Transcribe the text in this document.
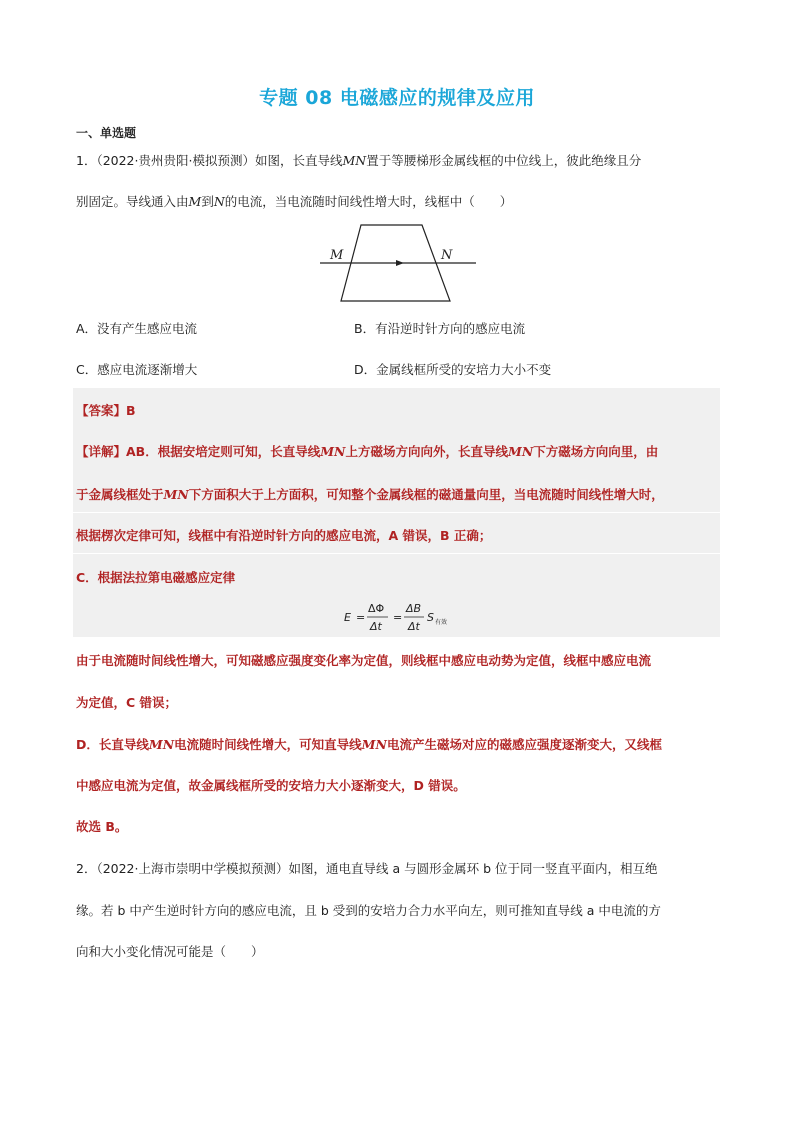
专题 08 电磁感应的规律及应用
一、单选题
1．（2022·贵州贵阳·模拟预测）如图，长直导线MN置于等腰梯形金属线框的中位线上，彼此绝缘且分
别固定。导线通入由M到N的电流，当电流随时间线性增大时，线框中（　　）
M	N
A．没有产生感应电流	B．有沿逆时针方向的感应电流
C．感应电流逐渐增大	D．金属线框所受的安培力大小不变
【答案】B
【详解】AB．根据安培定则可知，长直导线MN上方磁场方向向外，长直导线MN下方磁场方向向里，由
于金属线框处于MN下方面积大于上方面积，可知整个金属线框的磁通量向里，当电流随时间线性增大时，
根据楞次定律可知，线框中有沿逆时针方向的感应电流，A 错误，B 正确；
C．根据法拉第电磁感应定律
E =
ΔΦ
Δt
=
ΔB
Δt
S 有效
由于电流随时间线性增大，可知磁感应强度变化率为定值，则线框中感应电动势为定值，线框中感应电流
为定值，C 错误；
D．长直导线MN电流随时间线性增大，可知直导线MN电流产生磁场对应的磁感应强度逐渐变大，又线框
中感应电流为定值，故金属线框所受的安培力大小逐渐变大，D 错误。
故选 B。
2．（2022·上海市崇明中学模拟预测）如图，通电直导线 a 与圆形金属环 b 位于同一竖直平面内，相互绝
缘。若 b 中产生逆时针方向的感应电流，且 b 受到的安培力合力水平向左，则可推知直导线 a 中电流的方
向和大小变化情况可能是（　　）
